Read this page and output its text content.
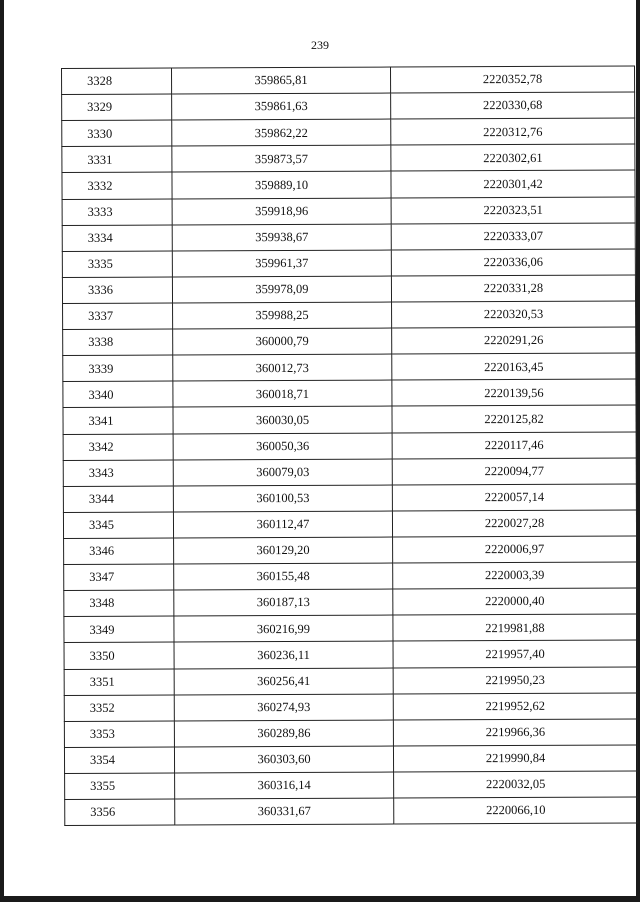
239
3328	359865,81	2220352,78
3329	359861,63	2220330,68
3330	359862,22	2220312,76
3331	359873,57	2220302,61
3332	359889,10	2220301,42
3333	359918,96	2220323,51
3334	359938,67	2220333,07
3335	359961,37	2220336,06
3336	359978,09	2220331,28
3337	359988,25	2220320,53
3338	360000,79	2220291,26
3339	360012,73	2220163,45
3340	360018,71	2220139,56
3341	360030,05	2220125,82
3342	360050,36	2220117,46
3343	360079,03	2220094,77
3344	360100,53	2220057,14
3345	360112,47	2220027,28
3346	360129,20	2220006,97
3347	360155,48	2220003,39
3348	360187,13	2220000,40
3349	360216,99	2219981,88
3350	360236,11	2219957,40
3351	360256,41	2219950,23
3352	360274,93	2219952,62
3353	360289,86	2219966,36
3354	360303,60	2219990,84
3355	360316,14	2220032,05
3356	360331,67	2220066,10
